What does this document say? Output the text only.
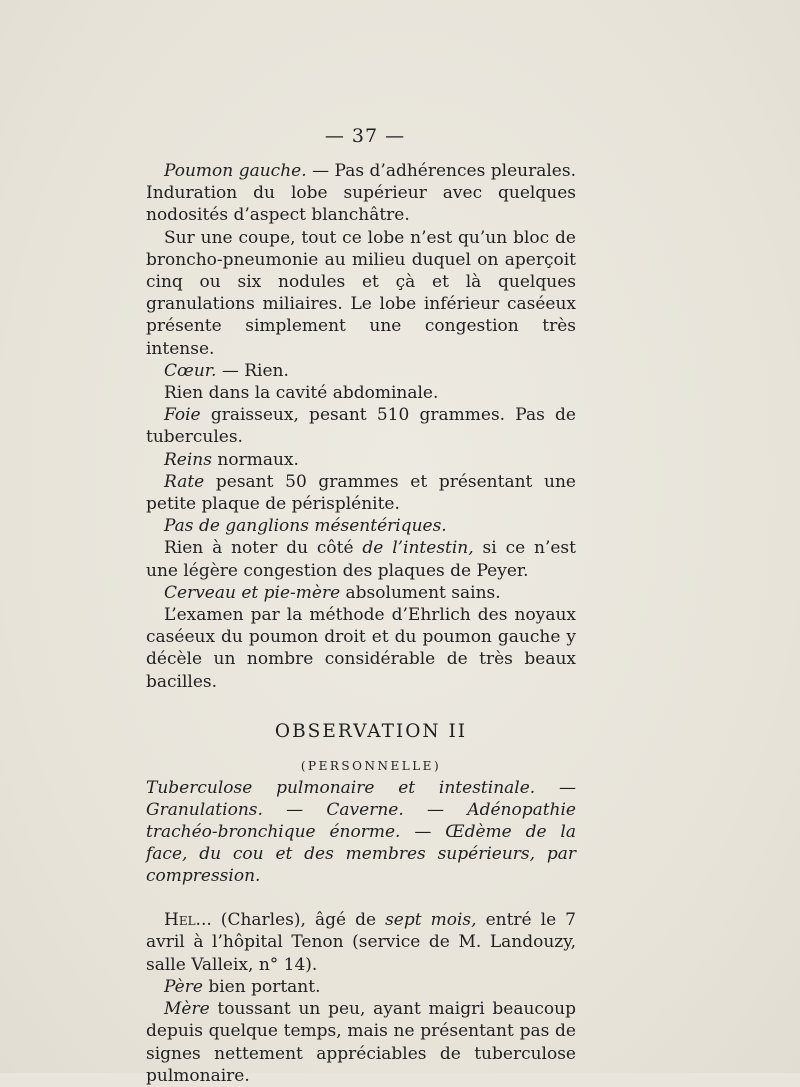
— 37 —

Poumon gauche. — Pas d’adhérences pleurales. Induration du lobe supérieur avec quelques nodosités d’aspect blanchâtre.

Sur une coupe, tout ce lobe n’est qu’un bloc de broncho-pneumonie au milieu duquel on aperçoit cinq ou six nodules et çà et là quelques granulations miliaires. Le lobe inférieur caséeux présente simplement une congestion très intense.

Cœur. — Rien.

Rien dans la cavité abdominale.

Foie graisseux, pesant 510 grammes. Pas de tubercules.

Reins normaux.

Rate pesant 50 grammes et présentant une petite plaque de périsplénite.

Pas de ganglions mésentériques.

Rien à noter du côté de l’intestin, si ce n’est une légère congestion des plaques de Peyer.

Cerveau et pie-mère absolument sains.

L’examen par la méthode d’Ehrlich des noyaux caséeux du poumon droit et du poumon gauche y décèle un nombre considérable de très beaux bacilles.

OBSERVATION II
(PERSONNELLE)

Tuberculose pulmonaire et intestinale. — Granulations. — Caverne. — Adénopathie trachéo-bronchique énorme. — Œdème de la face, du cou et des membres supérieurs, par compression.

Hel... (Charles), âgé de sept mois, entré le 7 avril à l’hôpital Tenon (service de M. Landouzy, salle Valleix, n° 14).

Père bien portant.

Mère toussant un peu, ayant maigri beaucoup depuis quelque temps, mais ne présentant pas de signes nettement appréciables de tuberculose pulmonaire.
